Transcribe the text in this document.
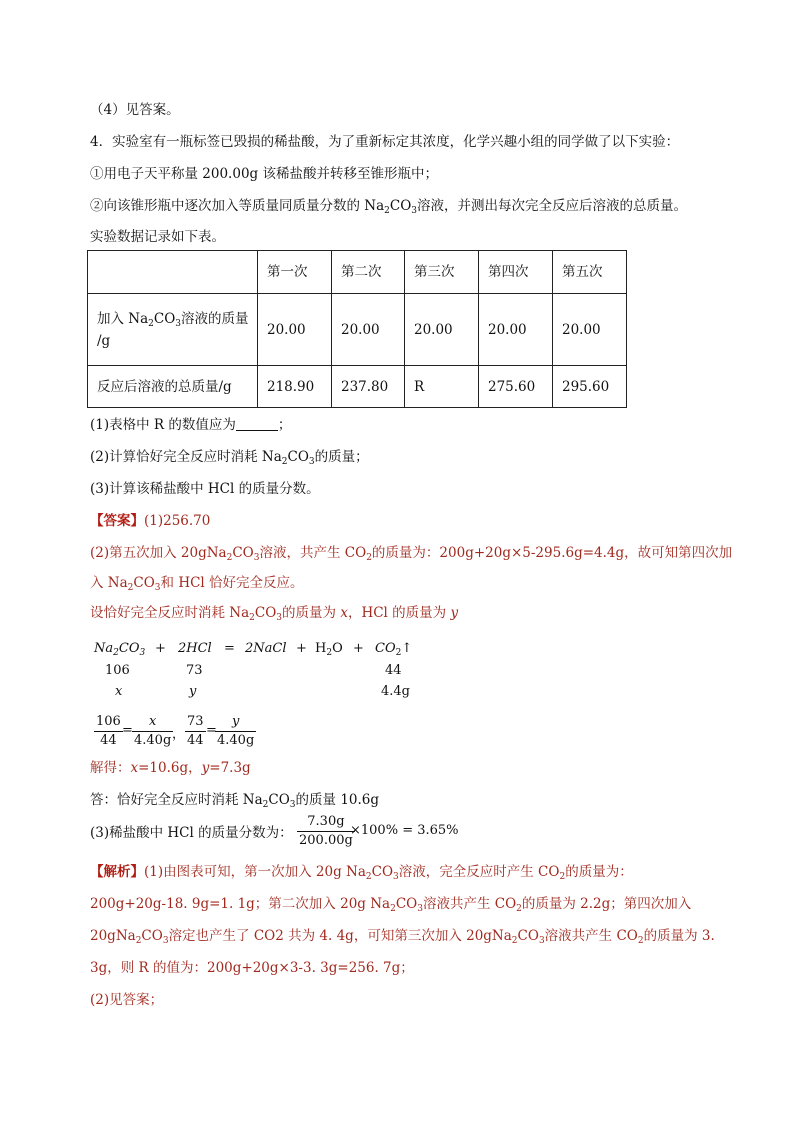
（4）见答案。
4．实验室有一瓶标签已毁损的稀盐酸，为了重新标定其浓度，化学兴趣小组的同学做了以下实验：
①用电子天平称量 200.00g 该稀盐酸并转移至锥形瓶中；
②向该锥形瓶中逐次加入等质量同质量分数的 $Na_2CO_3$溶液，并测出每次完全反应后溶液的总质量。
实验数据记录如下表。
	第一次	第二次	第三次	第四次	第五次
加入 $Na_2CO_3$溶液的质量
/g	20.00	20.00	20.00	20.00	20.00
反应后溶液的总质量/g	218.90	237.80	R	275.60	295.60
(1)表格中 R 的数值应为	；
(2)计算恰好完全反应时消耗 $Na_2CO_3$的质量；
(3)计算该稀盐酸中 HCl 的质量分数。
【答案】(1)256.70
(2)第五次加入 $20gNa_2CO_3$溶液，共产生 $CO_2$的质量为：200g+20g×5-295.6g=4.4g，故可知第四次加
入 $Na_2CO_3$和 HCl 恰好完全反应。
设恰好完全反应时消耗 $Na_2CO_3$的质量为 x，HCl 的质量为 y
$Na_2CO_3 + 2HCl$ = 2NaCl + $H_2O$ + $CO_2↑$
106	73	44
x	y	4.4g
$\frac{106}{44} = \frac{x}{4.40g}$
， $\frac{73}{44}$ =
$\frac{y}{4.40g}$
解得：x=10.6g，y=7.3g
答：恰好完全反应时消耗 $Na_2CO_3$的质量 10.6g
(3)稀盐酸中 HCl 的质量分数为： $\frac{7.30g}{200.00g}$
×100% = 3.65%
【解析】(1)由图表可知，第一次加入 20g $Na_2CO_3$溶液，完全反应时产生 $CO_2$的质量为：
200g+20g-18. 9g=1. 1g；第二次加入 20g $Na_2CO_3$溶液共产生 $CO_2$的质量为 2.2g；第四次加入
$20gNa_2CO_3$溶定也产生了 CO2 共为 4. 4g，可知第三次加入 $20gNa_2CO_3$溶液共产生 $CO_2$的质量为 3.
3g，则 R 的值为：200g+20g×3-3. 3g=256. 7g；
(2)见答案；
